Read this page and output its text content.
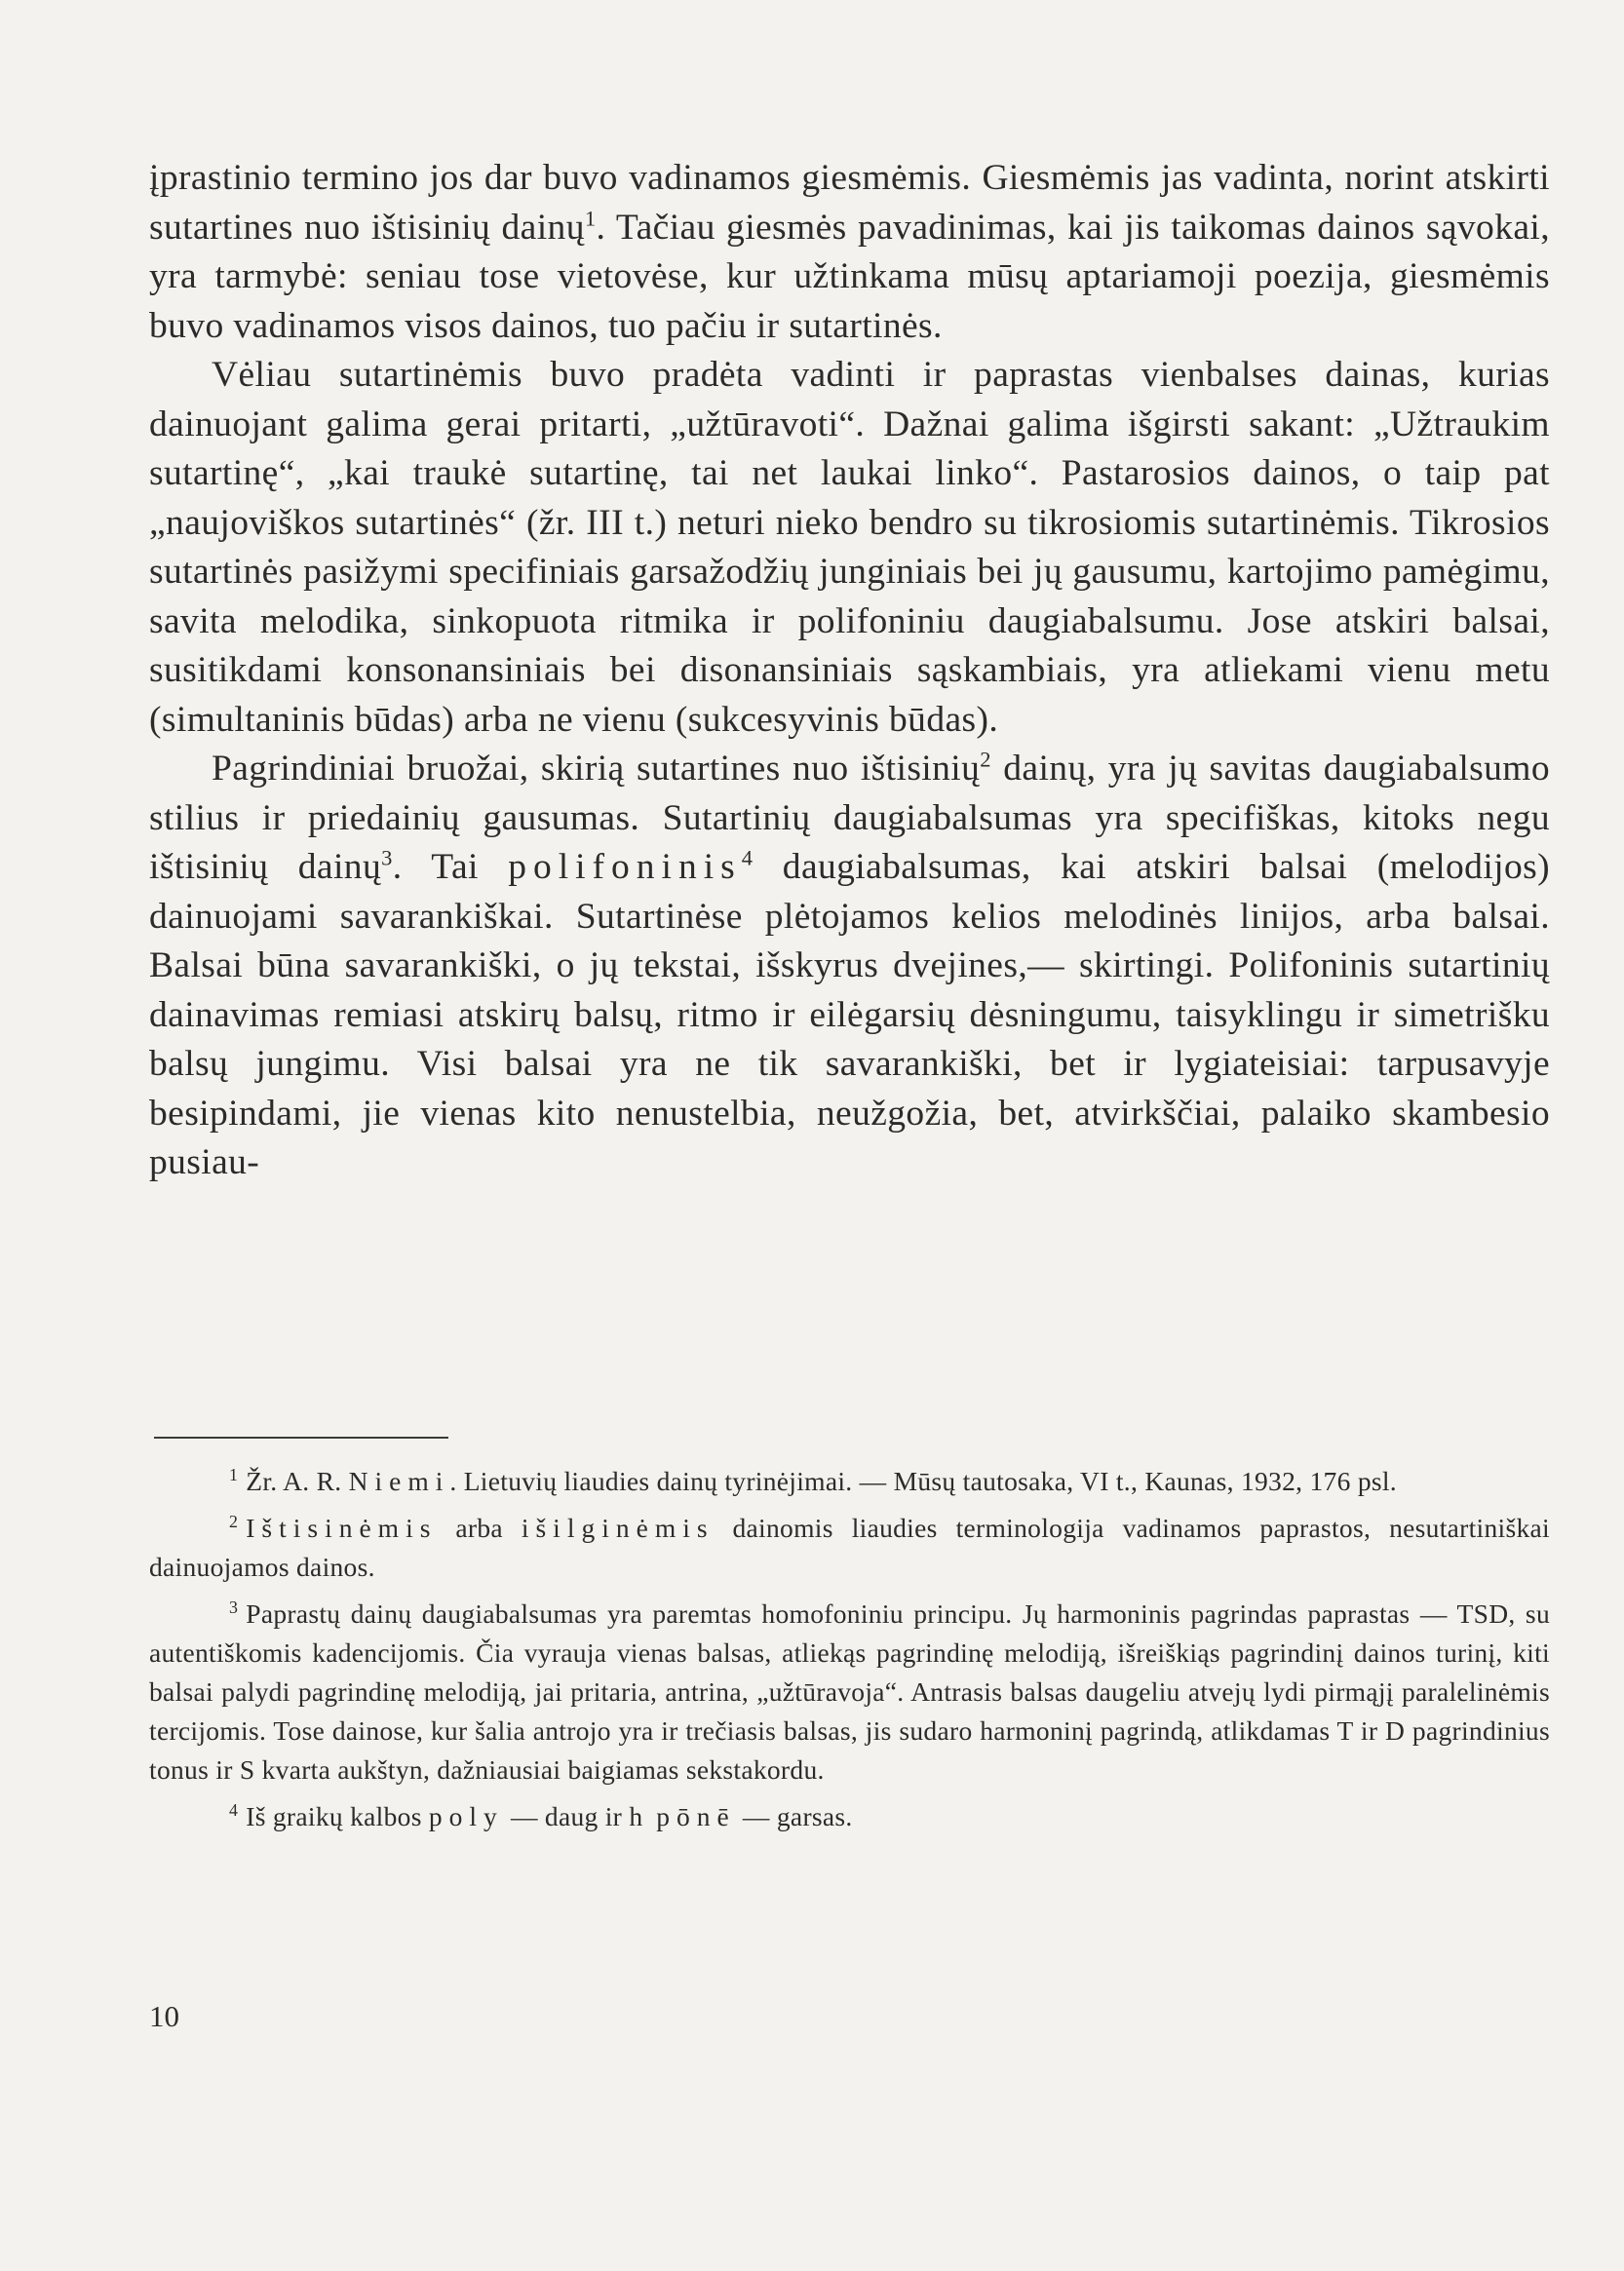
įprastinio termino jos dar buvo vadinamos giesmėmis. Giesmėmis jas vadinta, norint atskirti sutartines nuo ištisinių dainų$^1$. Tačiau giesmės pavadinimas, kai jis taikomas dainos sąvokai, yra tarmybė: seniau tose vietovėse, kur užtinkama mūsų aptariamoji poezija, giesmėmis buvo vadinamos visos dainos, tuo pačiu ir sutartinės.

Vėliau sutartinėmis buvo pradėta vadinti ir paprastas vienbalses dainas, kurias dainuojant galima gerai pritarti, „užtūravoti“. Dažnai galima išgirsti sakant: „Užtraukim sutartinę“, „kai traukė sutartinę, tai net laukai linko“. Pastarosios dainos, o taip pat „naujoviškos sutartinės“ (žr. III t.) neturi nieko bendro su tikrosiomis sutartinėmis. Tikrosios sutartinės pasižymi specifiniais garsažodžių junginiais bei jų gausumu, kartojimo pamėgimu, savita melodika, sinkopuota ritmika ir polifoniniu daugiabalsumu. Jose atskiri balsai, susitikdami konsonansiniais bei disonansiniais sąskambiais, yra atliekami vienu metu (simultaninis būdas) arba ne vienu (sukcesyvinis būdas).

Pagrindiniai bruožai, skirią sutartines nuo ištisinių$^2$ dainų, yra jų savitas daugiabalsumo stilius ir priedainių gausumas. Sutartinių daugiabalsumas yra specifiškas, kitoks negu ištisinių dainų$^3$. Tai polifoninis$^4$ daugiabalsumas, kai atskiri balsai (melodijos) dainuojami savarankiškai. Sutartinėse plėtojamos kelios melodinės linijos, arba balsai. Balsai būna savarankiški, o jų tekstai, išskyrus dvejines,— skirtingi. Polifoninis sutartinių dainavimas remiasi atskirų balsų, ritmo ir eilėgarsių dėsningumu, taisyklingu ir simetrišku balsų jungimu. Visi balsai yra ne tik savarankiški, bet ir lygiateisiai: tarpusavyje besipindami, jie vienas kito nenustelbia, neužgožia, bet, atvirkščiai, palaiko skambesio pusiau-

$^1$ Žr. A. R. Niemi. Lietuvių liaudies dainų tyrinėjimai. — Mūsų tautosaka, VI t., Kaunas, 1932, 176 psl.

$^2$ Ištisinėmis arba išilginėmis dainomis liaudies terminologija vadinamos paprastos, nesutartiniškai dainuojamos dainos.

$^3$ Paprastų dainų daugiabalsumas yra paremtas homofoniniu principu. Jų harmoninis pagrindas paprastas — TSD, su autentiškomis kadencijomis. Čia vyrauja vienas balsas, atliekąs pagrindinę melodiją, išreiškiąs pagrindinį dainos turinį, kiti balsai palydi pagrindinę melodiją, jai pritaria, antrina, „užtūravoja“. Antrasis balsas daugeliu atvejų lydi pirmąjį paralelinėmis tercijomis. Tose dainose, kur šalia antrojo yra ir trečiasis balsas, jis sudaro harmoninį pagrindą, atlikdamas T ir D pagrindinius tonus ir S kvarta aukštyn, dažniausiai baigiamas sekstakordu.

$^4$ Iš graikų kalbos poly — daug ir h pōnē — garsas.

10
